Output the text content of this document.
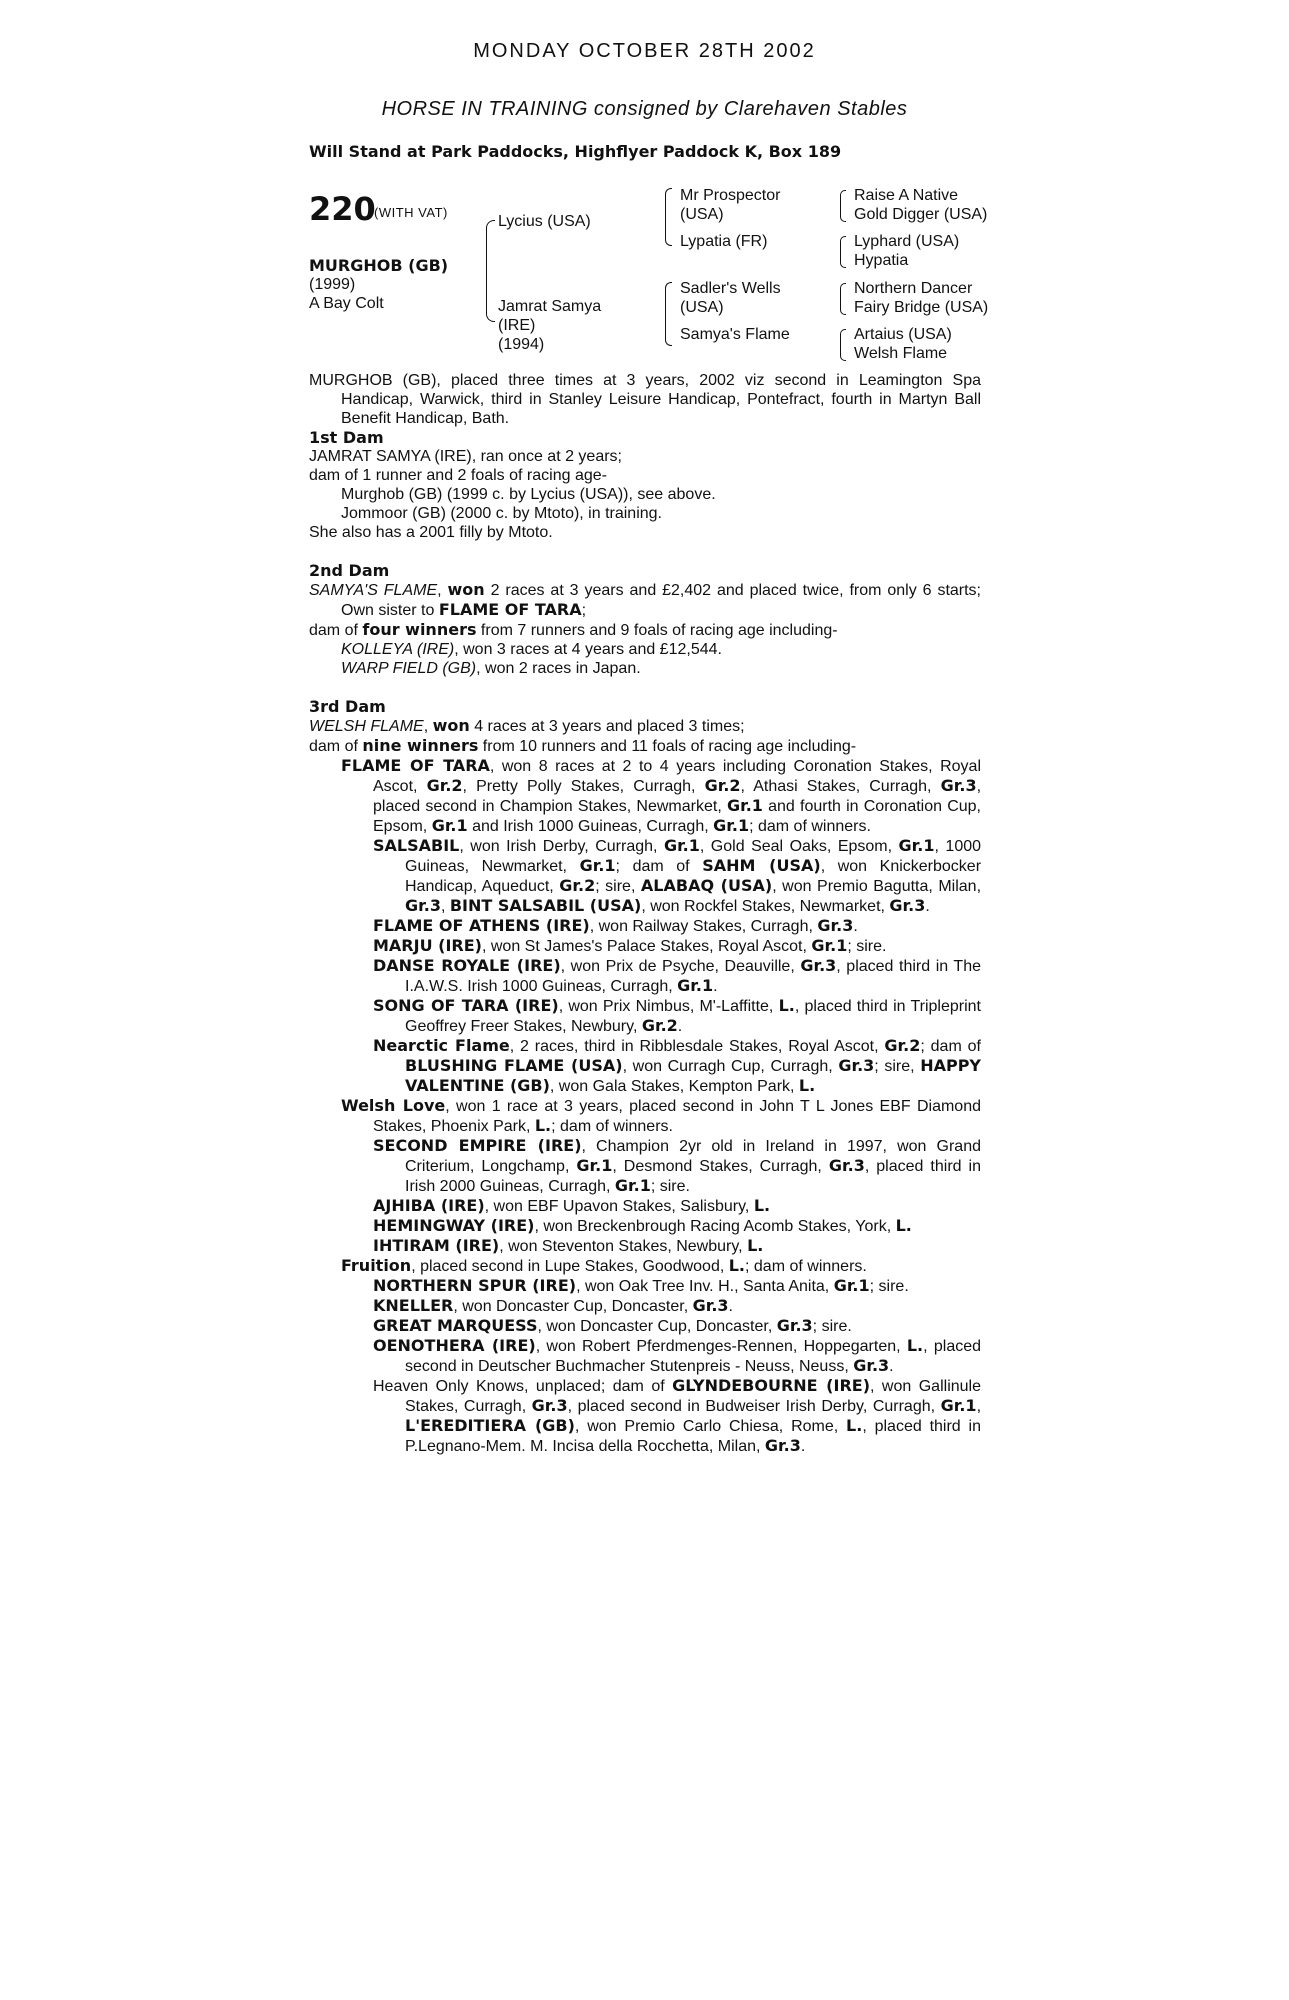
MONDAY OCTOBER 28TH 2002
HORSE IN TRAINING consigned by Clarehaven Stables
Will Stand at Park Paddocks, Highflyer Paddock K, Box 189
220
(WITH VAT)
MURGHOB (GB)
(1999)
A Bay Colt
Lycius (USA)
Jamrat Samya
(IRE)
(1994)
Mr Prospector
(USA)
Lypatia (FR)
Sadler's Wells
(USA)
Samya's Flame
Raise A Native
Gold Digger (USA)
Lyphard (USA)
Hypatia
Northern Dancer
Fairy Bridge (USA)
Artaius (USA)
Welsh Flame

MURGHOB (GB), placed three times at 3 years, 2002 viz second in Leamington Spa Handicap, Warwick, third in Stanley Leisure Handicap, Pontefract, fourth in Martyn Ball Benefit Handicap, Bath.

1st Dam

JAMRAT SAMYA (IRE), ran once at 2 years;

dam of 1 runner and 2 foals of racing age-

Murghob (GB) (1999 c. by Lycius (USA)), see above.

Jommoor (GB) (2000 c. by Mtoto), in training.

She also has a 2001 filly by Mtoto.

2nd Dam

SAMYA'S FLAME, won 2 races at 3 years and £2,402 and placed twice, from only 6 starts; Own sister to FLAME OF TARA;

dam of four winners from 7 runners and 9 foals of racing age including-

KOLLEYA (IRE), won 3 races at 4 years and £12,544.

WARP FIELD (GB), won 2 races in Japan.

3rd Dam

WELSH FLAME, won 4 races at 3 years and placed 3 times;

dam of nine winners from 10 runners and 11 foals of racing age including-

FLAME OF TARA, won 8 races at 2 to 4 years including Coronation Stakes, Royal Ascot, Gr.2, Pretty Polly Stakes, Curragh, Gr.2, Athasi Stakes, Curragh, Gr.3, placed second in Champion Stakes, Newmarket, Gr.1 and fourth in Coronation Cup, Epsom, Gr.1 and Irish 1000 Guineas, Curragh, Gr.1; dam of winners.

SALSABIL, won Irish Derby, Curragh, Gr.1, Gold Seal Oaks, Epsom, Gr.1, 1000 Guineas, Newmarket, Gr.1; dam of SAHM (USA), won Knickerbocker Handicap, Aqueduct, Gr.2; sire, ALABAQ (USA), won Premio Bagutta, Milan, Gr.3, BINT SALSABIL (USA), won Rockfel Stakes, Newmarket, Gr.3.

FLAME OF ATHENS (IRE), won Railway Stakes, Curragh, Gr.3.

MARJU (IRE), won St James's Palace Stakes, Royal Ascot, Gr.1; sire.

DANSE ROYALE (IRE), won Prix de Psyche, Deauville, Gr.3, placed third in The I.A.W.S. Irish 1000 Guineas, Curragh, Gr.1.

SONG OF TARA (IRE), won Prix Nimbus, M'-Laffitte, L., placed third in Tripleprint Geoffrey Freer Stakes, Newbury, Gr.2.

Nearctic Flame, 2 races, third in Ribblesdale Stakes, Royal Ascot, Gr.2; dam of BLUSHING FLAME (USA), won Curragh Cup, Curragh, Gr.3; sire, HAPPY VALENTINE (GB), won Gala Stakes, Kempton Park, L.

Welsh Love, won 1 race at 3 years, placed second in John T L Jones EBF Diamond Stakes, Phoenix Park, L.; dam of winners.

SECOND EMPIRE (IRE), Champion 2yr old in Ireland in 1997, won Grand Criterium, Longchamp, Gr.1, Desmond Stakes, Curragh, Gr.3, placed third in Irish 2000 Guineas, Curragh, Gr.1; sire.

AJHIBA (IRE), won EBF Upavon Stakes, Salisbury, L.

HEMINGWAY (IRE), won Breckenbrough Racing Acomb Stakes, York, L.

IHTIRAM (IRE), won Steventon Stakes, Newbury, L.

Fruition, placed second in Lupe Stakes, Goodwood, L.; dam of winners.

NORTHERN SPUR (IRE), won Oak Tree Inv. H., Santa Anita, Gr.1; sire.

KNELLER, won Doncaster Cup, Doncaster, Gr.3.

GREAT MARQUESS, won Doncaster Cup, Doncaster, Gr.3; sire.

OENOTHERA (IRE), won Robert Pferdmenges-Rennen, Hoppegarten, L., placed second in Deutscher Buchmacher Stutenpreis - Neuss, Neuss, Gr.3.

Heaven Only Knows, unplaced; dam of GLYNDEBOURNE (IRE), won Gallinule Stakes, Curragh, Gr.3, placed second in Budweiser Irish Derby, Curragh, Gr.1, L'EREDITIERA (GB), won Premio Carlo Chiesa, Rome, L., placed third in P.Legnano-Mem. M. Incisa della Rocchetta, Milan, Gr.3.
